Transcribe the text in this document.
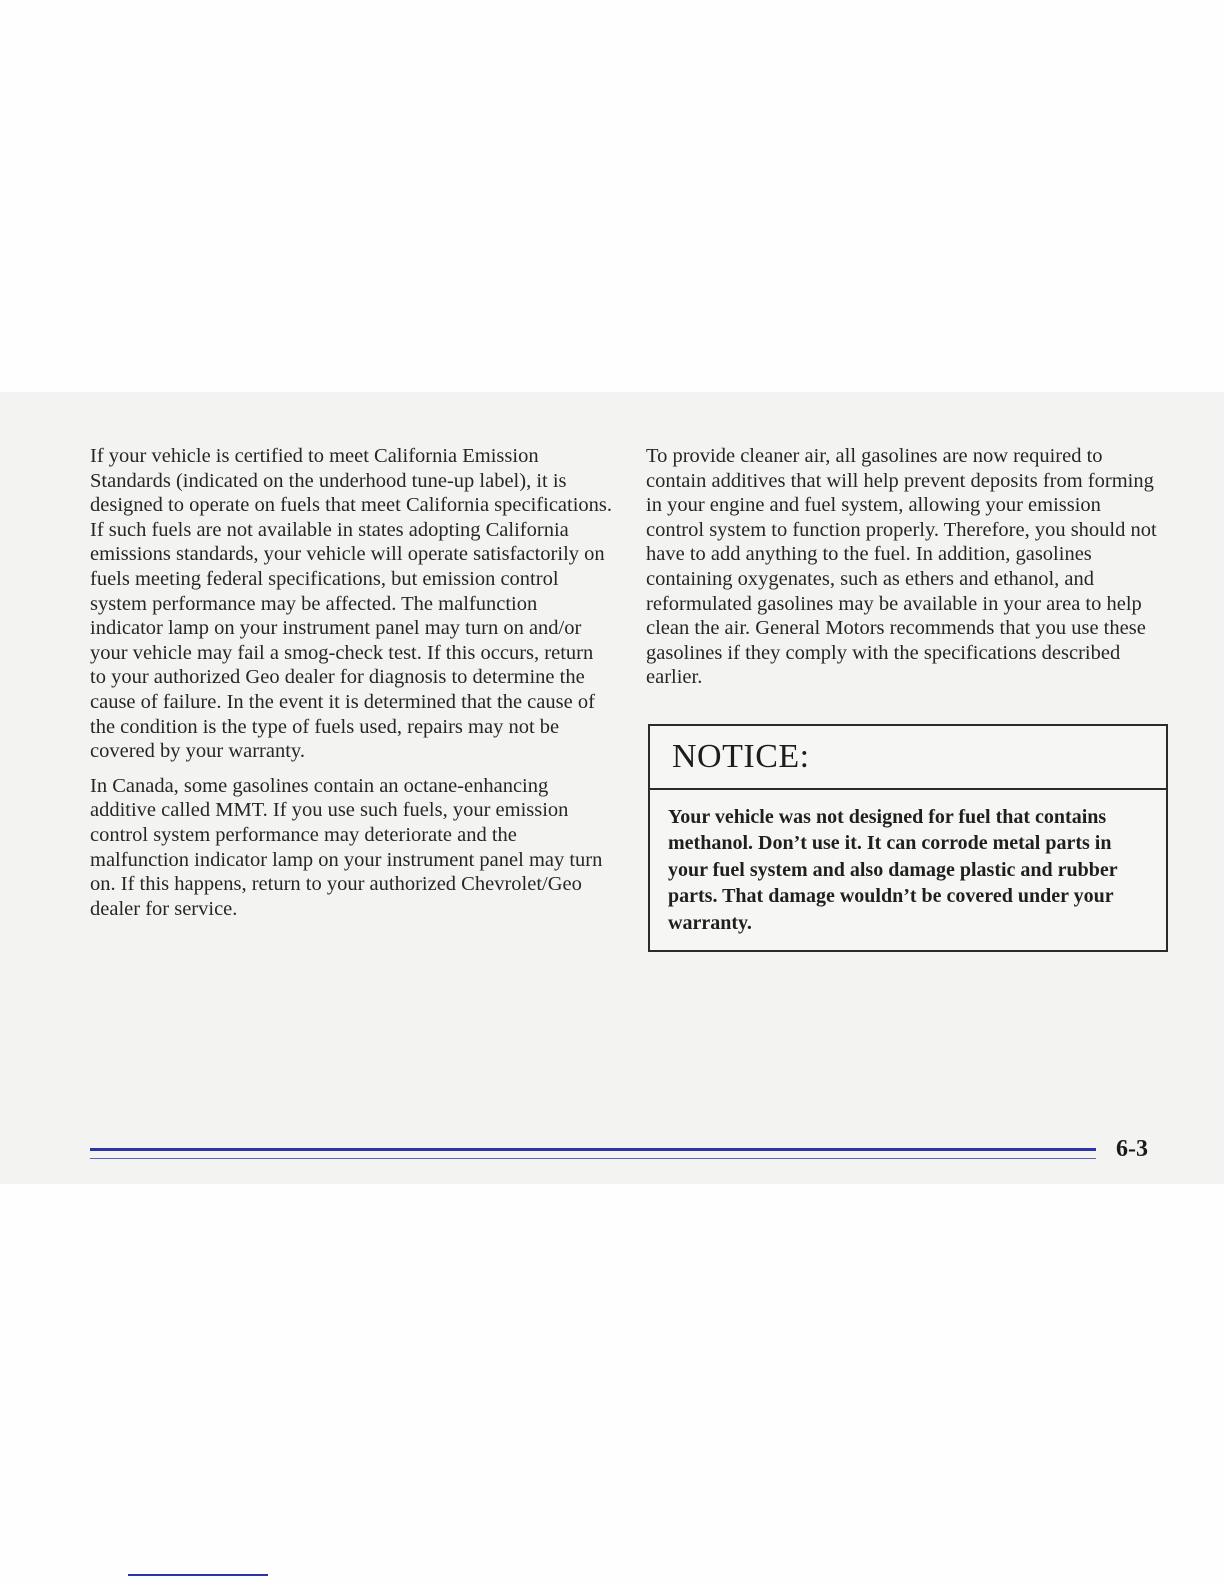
If your vehicle is certified to meet California Emission Standards (indicated on the underhood tune-up label), it is designed to operate on fuels that meet California specifications. If such fuels are not available in states adopting California emissions standards, your vehicle will operate satisfactorily on fuels meeting federal specifications, but emission control system performance may be affected. The malfunction indicator lamp on your instrument panel may turn on and/or your vehicle may fail a smog-check test. If this occurs, return to your authorized Geo dealer for diagnosis to determine the cause of failure. In the event it is determined that the cause of the condition is the type of fuels used, repairs may not be covered by your warranty.

In Canada, some gasolines contain an octane-enhancing additive called MMT. If you use such fuels, your emission control system performance may deteriorate and the malfunction indicator lamp on your instrument panel may turn on. If this happens, return to your authorized Chevrolet/Geo dealer for service.

To provide cleaner air, all gasolines are now required to contain additives that will help prevent deposits from forming in your engine and fuel system, allowing your emission control system to function properly. Therefore, you should not have to add anything to the fuel. In addition, gasolines containing oxygenates, such as ethers and ethanol, and reformulated gasolines may be available in your area to help clean the air. General Motors recommends that you use these gasolines if they comply with the specifications described earlier.

NOTICE:
Your vehicle was not designed for fuel that contains methanol. Don’t use it. It can corrode metal parts in your fuel system and also damage plastic and rubber parts. That damage wouldn’t be covered under your warranty.
6-3
